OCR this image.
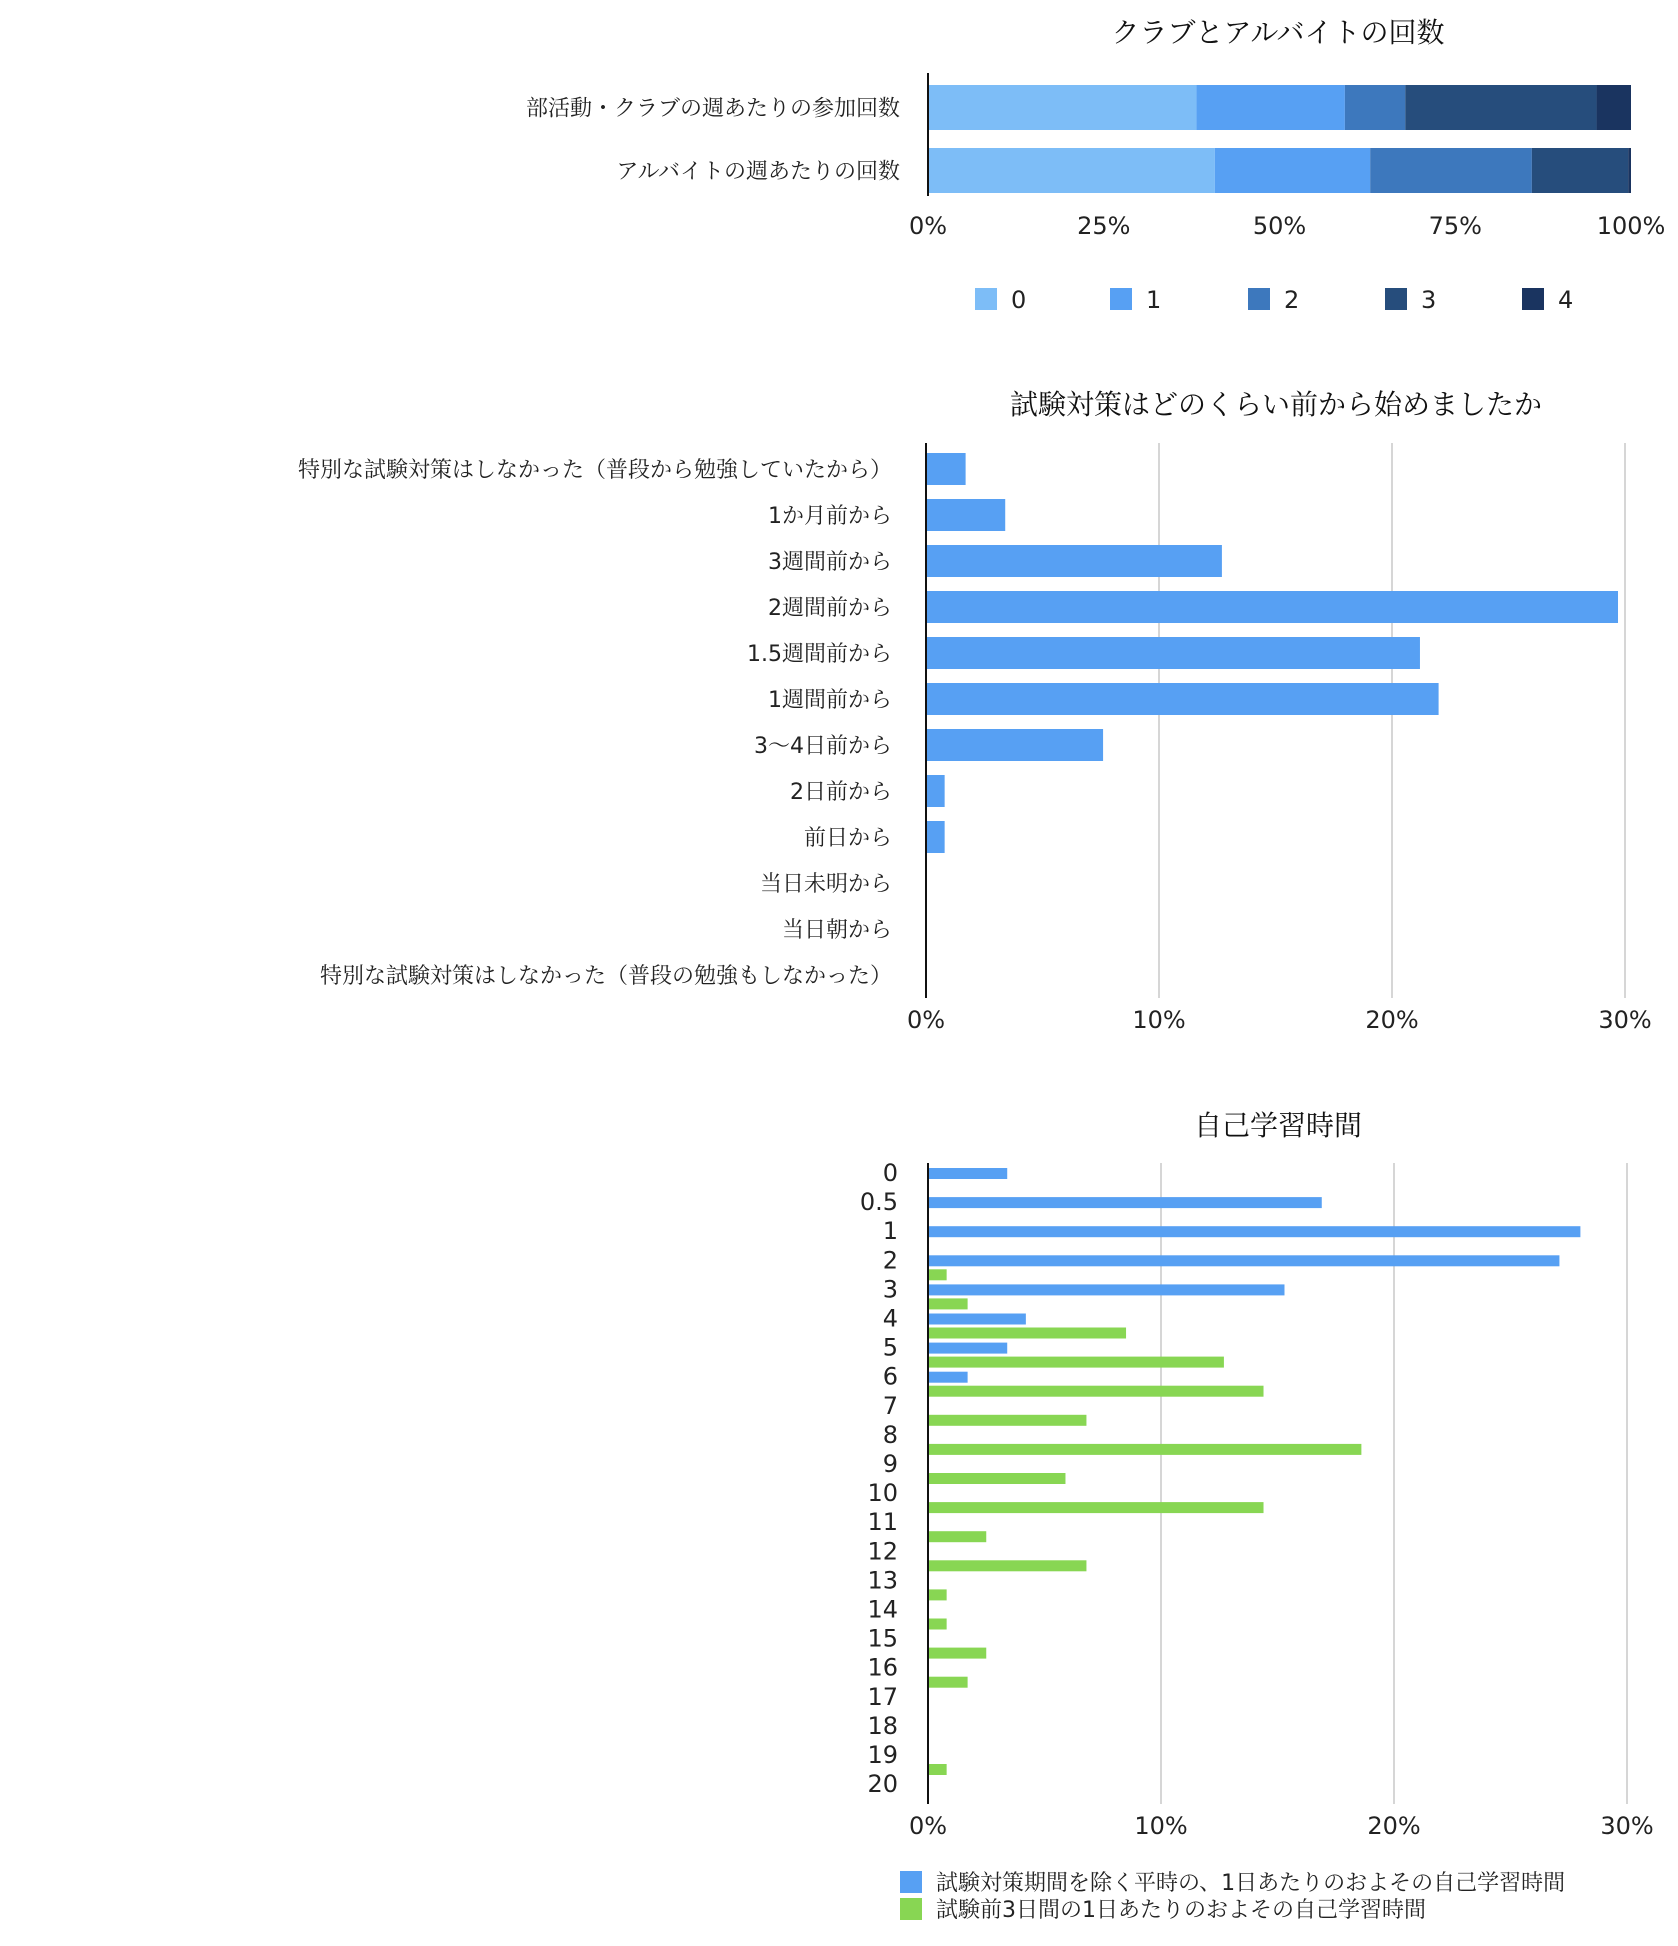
クラブとアルバイトの回数
部活動・クラブの週あたりの参加回数
アルバイトの週あたりの回数
0%	25%	50%	75%	100%
0	1	2	3	4
試験対策はどのくらい前から始めましたか
特別な試験対策はしなかった（普段から勉強していたから）
1か月前から
3週間前から
2週間前から
1.5週間前から
1週間前から
3〜4日前から
2日前から
前日から
当日未明から
当日朝から
特別な試験対策はしなかった（普段の勉強もしなかった）
0%	10%	20%	30%
自己学習時間
0
0.5
1
2
3
4
5
6
7
8
9
10
11
12
13
14
15
16
17
18
19
20
0%	10%	20%	30%
試験対策期間を除く平時の、1日あたりのおよその自己学習時間
試験前3日間の1日あたりのおよその自己学習時間
